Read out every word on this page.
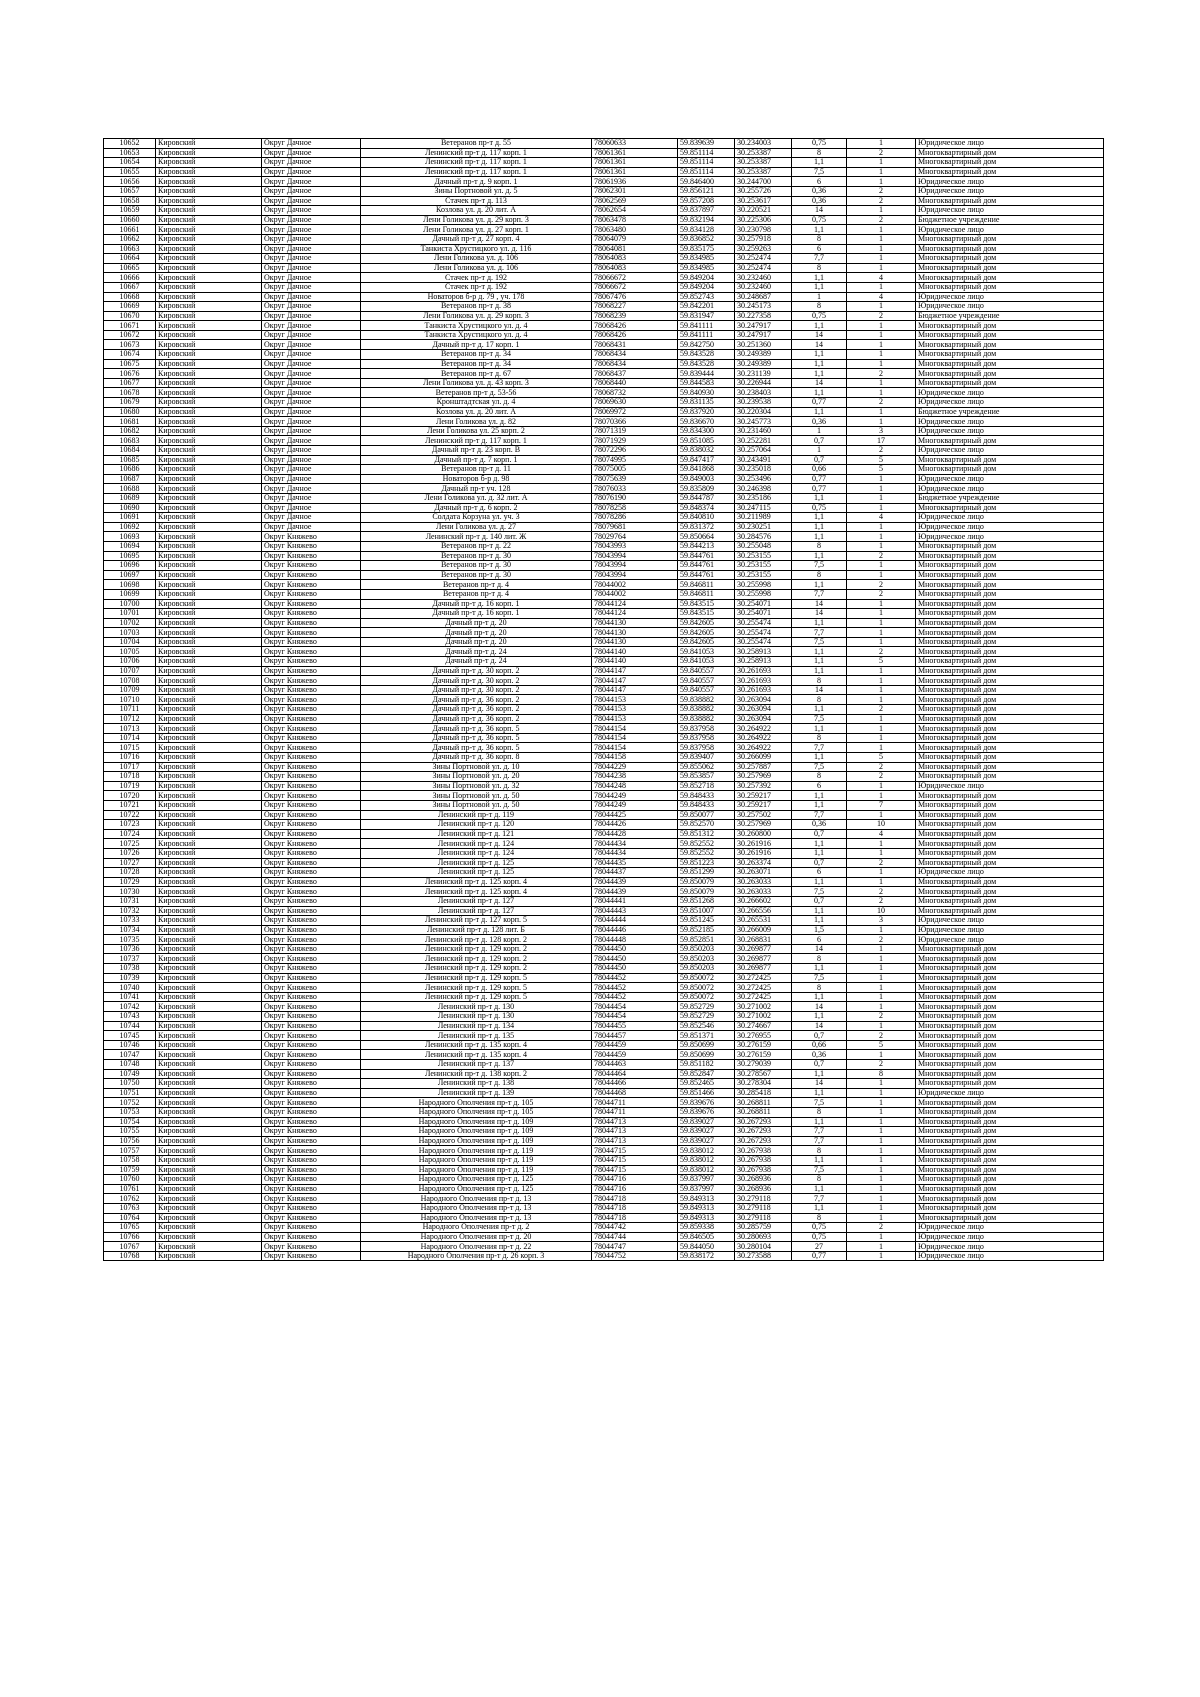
10652	Кировский	Округ Дачное	Ветеранов пр-т д. 55	78060633	59.839639	30.234003	0,75	1	Юридическое лицо
10653	Кировский	Округ Дачное	Ленинский пр-т д. 117 корп. 1	78061361	59.851114	30.253387	8	2	Многоквартирный дом
10654	Кировский	Округ Дачное	Ленинский пр-т д. 117 корп. 1	78061361	59.851114	30.253387	1,1	1	Многоквартирный дом
10655	Кировский	Округ Дачное	Ленинский пр-т д. 117 корп. 1	78061361	59.851114	30.253387	7,5	1	Многоквартирный дом
10656	Кировский	Округ Дачное	Дачный пр-т д. 9 корп. 1	78061936	59.846400	30.244700	6	1	Юридическое лицо
10657	Кировский	Округ Дачное	Зины Портновой ул. д. 5	78062301	59.856121	30.255726	0,36	2	Юридическое лицо
10658	Кировский	Округ Дачное	Стачек пр-т д. 113	78062569	59.857208	30.253617	0,36	2	Многоквартирный дом
10659	Кировский	Округ Дачное	Козлова ул. д. 20 лит. А	78062654	59.837897	30.220521	14	1	Юридическое лицо
10660	Кировский	Округ Дачное	Лени Голикова ул. д. 29 корп. 3	78063478	59.832194	30.225306	0,75	2	Бюджетное учреждение
10661	Кировский	Округ Дачное	Лени Голикова ул. д. 27 корп. 1	78063480	59.834128	30.230798	1,1	1	Юридическое лицо
10662	Кировский	Округ Дачное	Дачный пр-т д. 27 корп. 4	78064079	59.836852	30.257918	8	1	Многоквартирный дом
10663	Кировский	Округ Дачное	Танкиста Хрустицкого ул. д. 116	78064081	59.835175	30.259263	6	1	Многоквартирный дом
10664	Кировский	Округ Дачное	Лени Голикова ул. д. 106	78064083	59.834985	30.252474	7,7	1	Многоквартирный дом
10665	Кировский	Округ Дачное	Лени Голикова ул. д. 106	78064083	59.834985	30.252474	8	1	Многоквартирный дом
10666	Кировский	Округ Дачное	Стачек пр-т д. 192	78066672	59.849204	30.232460	1,1	4	Многоквартирный дом
10667	Кировский	Округ Дачное	Стачек пр-т д. 192	78066672	59.849204	30.232460	1,1	1	Многоквартирный дом
10668	Кировский	Округ Дачное	Новаторов б-р д. 79 , уч. 178	78067476	59.852743	30.248687	1	4	Юридическое лицо
10669	Кировский	Округ Дачное	Ветеранов пр-т д. 38	78068227	59.842201	30.245173	8	1	Юридическое лицо
10670	Кировский	Округ Дачное	Лени Голикова ул. д. 29 корп. 3	78068239	59.831947	30.227358	0,75	2	Бюджетное учреждение
10671	Кировский	Округ Дачное	Танкиста Хрустицкого ул. д. 4	78068426	59.841111	30.247917	1,1	1	Многоквартирный дом
10672	Кировский	Округ Дачное	Танкиста Хрустицкого ул. д. 4	78068426	59.841111	30.247917	14	1	Многоквартирный дом
10673	Кировский	Округ Дачное	Дачный пр-т д. 17 корп. 1	78068431	59.842750	30.251360	14	1	Многоквартирный дом
10674	Кировский	Округ Дачное	Ветеранов пр-т д. 34	78068434	59.843528	30.249389	1,1	1	Многоквартирный дом
10675	Кировский	Округ Дачное	Ветеранов пр-т д. 34	78068434	59.843528	30.249389	1,1	1	Многоквартирный дом
10676	Кировский	Округ Дачное	Ветеранов пр-т д. 67	78068437	59.839444	30.231139	1,1	2	Многоквартирный дом
10677	Кировский	Округ Дачное	Лени Голикова ул. д. 43 корп. 3	78068440	59.844583	30.226944	14	1	Многоквартирный дом
10678	Кировский	Округ Дачное	Ветеранов пр-т д. 53-56	78068732	59.840930	30.238403	1,1	1	Юридическое лицо
10679	Кировский	Округ Дачное	Кронштадтская ул. д. 4	78069630	59.831135	30.239538	0,77	2	Юридическое лицо
10680	Кировский	Округ Дачное	Козлова ул. д. 20 лит. А	78069972	59.837920	30.220304	1,1	1	Бюджетное учреждение
10681	Кировский	Округ Дачное	Лени Голикова ул. д. 82	78070366	59.836670	30.245773	0,36	1	Юридическое лицо
10682	Кировский	Округ Дачное	Лени Голикова ул. 25 корп. 2	78071319	59.834300	30.231460	1	3	Юридическое лицо
10683	Кировский	Округ Дачное	Ленинский пр-т д. 117 корп. 1	78071929	59.851085	30.252281	0,7	17	Многоквартирный дом
10684	Кировский	Округ Дачное	Дачный пр-т д. 23 корп. В	78072296	59.838032	30.257064	1	2	Юридическое лицо
10685	Кировский	Округ Дачное	Дачный пр-т д. 7 корп. 1	78074995	59.847417	30.243491	0,7	5	Многоквартирный дом
10686	Кировский	Округ Дачное	Ветеранов пр-т д. 11	78075005	59.841868	30.235018	0,66	5	Многоквартирный дом
10687	Кировский	Округ Дачное	Новаторов б-р д. 98	78075639	59.849003	30.253496	0,77	1	Юридическое лицо
10688	Кировский	Округ Дачное	Дачный пр-т уч. 128	78076033	59.835809	30.246398	0,77	1	Юридическое лицо
10689	Кировский	Округ Дачное	Лени Голикова ул. д. 32 лит. А	78076190	59.844787	30.235186	1,1	1	Бюджетное учреждение
10690	Кировский	Округ Дачное	Дачный пр-т д. 6 корп. 2	78078258	59.848374	30.247115	0,75	1	Многоквартирный дом
10691	Кировский	Округ Дачное	Солдата Корзуна ул. уч. 3	78078286	59.840810	30.211989	1,1	4	Юридическое лицо
10692	Кировский	Округ Дачное	Лени Голикова ул. д. 27	78079681	59.831372	30.230251	1,1	1	Юридическое лицо
10693	Кировский	Округ Княжево	Ленинский пр-т д. 140 лит. Ж	78029764	59.850664	30.284576	1,1	1	Юридическое лицо
10694	Кировский	Округ Княжево	Ветеранов пр-т д. 22	78043993	59.844213	30.255048	8	1	Многоквартирный дом
10695	Кировский	Округ Княжево	Ветеранов пр-т д. 30	78043994	59.844761	30.253155	1,1	2	Многоквартирный дом
10696	Кировский	Округ Княжево	Ветеранов пр-т д. 30	78043994	59.844761	30.253155	7,5	1	Многоквартирный дом
10697	Кировский	Округ Княжево	Ветеранов пр-т д. 30	78043994	59.844761	30.253155	8	1	Многоквартирный дом
10698	Кировский	Округ Княжево	Ветеранов пр-т д. 4	78044002	59.846811	30.255998	1,1	2	Многоквартирный дом
10699	Кировский	Округ Княжево	Ветеранов пр-т д. 4	78044002	59.846811	30.255998	7,7	2	Многоквартирный дом
10700	Кировский	Округ Княжево	Дачный пр-т д. 16 корп. 1	78044124	59.843515	30.254071	14	1	Многоквартирный дом
10701	Кировский	Округ Княжево	Дачный пр-т д. 16 корп. 1	78044124	59.843515	30.254071	14	1	Многоквартирный дом
10702	Кировский	Округ Княжево	Дачный пр-т д. 20	78044130	59.842605	30.255474	1,1	1	Многоквартирный дом
10703	Кировский	Округ Княжево	Дачный пр-т д. 20	78044130	59.842605	30.255474	7,7	1	Многоквартирный дом
10704	Кировский	Округ Княжево	Дачный пр-т д. 20	78044130	59.842605	30.255474	7,5	1	Многоквартирный дом
10705	Кировский	Округ Княжево	Дачный пр-т д. 24	78044140	59.841053	30.258913	1,1	2	Многоквартирный дом
10706	Кировский	Округ Княжево	Дачный пр-т д. 24	78044140	59.841053	30.258913	1,1	5	Многоквартирный дом
10707	Кировский	Округ Княжево	Дачный пр-т д. 30 корп. 2	78044147	59.840557	30.261693	1,1	1	Многоквартирный дом
10708	Кировский	Округ Княжево	Дачный пр-т д. 30 корп. 2	78044147	59.840557	30.261693	8	1	Многоквартирный дом
10709	Кировский	Округ Княжево	Дачный пр-т д. 30 корп. 2	78044147	59.840557	30.261693	14	1	Многоквартирный дом
10710	Кировский	Округ Княжево	Дачный пр-т д. 36 корп. 2	78044153	59.838882	30.263094	8	1	Многоквартирный дом
10711	Кировский	Округ Княжево	Дачный пр-т д. 36 корп. 2	78044153	59.838882	30.263094	1,1	2	Многоквартирный дом
10712	Кировский	Округ Княжево	Дачный пр-т д. 36 корп. 2	78044153	59.838882	30.263094	7,5	1	Многоквартирный дом
10713	Кировский	Округ Княжево	Дачный пр-т д. 36 корп. 5	78044154	59.837958	30.264922	1,1	1	Многоквартирный дом
10714	Кировский	Округ Княжево	Дачный пр-т д. 36 корп. 5	78044154	59.837958	30.264922	8	1	Многоквартирный дом
10715	Кировский	Округ Княжево	Дачный пр-т д. 36 корп. 5	78044154	59.837958	30.264922	7,7	1	Многоквартирный дом
10716	Кировский	Округ Княжево	Дачный пр-т д. 36 корп. 8	78044158	59.839407	30.266099	1,1	5	Многоквартирный дом
10717	Кировский	Округ Княжево	Зины Портновой ул. д. 10	78044229	59.855062	30.257887	7,5	2	Многоквартирный дом
10718	Кировский	Округ Княжево	Зины Портновой ул. д. 20	78044238	59.853857	30.257969	8	2	Многоквартирный дом
10719	Кировский	Округ Княжево	Зины Портновой ул. д. 32	78044248	59.852718	30.257392	6	1	Юридическое лицо
10720	Кировский	Округ Княжево	Зины Портновой ул. д. 50	78044249	59.848433	30.259217	1,1	1	Многоквартирный дом
10721	Кировский	Округ Княжево	Зины Портновой ул. д. 50	78044249	59.848433	30.259217	1,1	7	Многоквартирный дом
10722	Кировский	Округ Княжево	Ленинский пр-т д. 119	78044425	59.850077	30.257502	7,7	1	Многоквартирный дом
10723	Кировский	Округ Княжево	Ленинский пр-т д. 120	78044426	59.852570	30.257969	0,36	10	Многоквартирный дом
10724	Кировский	Округ Княжево	Ленинский пр-т д. 121	78044428	59.851312	30.260800	0,7	4	Многоквартирный дом
10725	Кировский	Округ Княжево	Ленинский пр-т д. 124	78044434	59.852552	30.261916	1,1	1	Многоквартирный дом
10726	Кировский	Округ Княжево	Ленинский пр-т д. 124	78044434	59.852552	30.261916	1,1	1	Многоквартирный дом
10727	Кировский	Округ Княжево	Ленинский пр-т д. 125	78044435	59.851223	30.263374	0,7	2	Многоквартирный дом
10728	Кировский	Округ Княжево	Ленинский пр-т д. 125	78044437	59.851299	30.263071	6	1	Юридическое лицо
10729	Кировский	Округ Княжево	Ленинский пр-т д. 125 корп. 4	78044439	59.850079	30.263033	1,1	1	Многоквартирный дом
10730	Кировский	Округ Княжево	Ленинский пр-т д. 125 корп. 4	78044439	59.850079	30.263033	7,5	2	Многоквартирный дом
10731	Кировский	Округ Княжево	Ленинский пр-т д. 127	78044441	59.851268	30.266602	0,7	2	Многоквартирный дом
10732	Кировский	Округ Княжево	Ленинский пр-т д. 127	78044443	59.851007	30.266556	1,1	10	Многоквартирный дом
10733	Кировский	Округ Княжево	Ленинский пр-т д. 127 корп. 5	78044444	59.851245	30.265531	1,1	3	Юридическое лицо
10734	Кировский	Округ Княжево	Ленинский пр-т д. 128 лит. Б	78044446	59.852185	30.266009	1,5	1	Юридическое лицо
10735	Кировский	Округ Княжево	Ленинский пр-т д. 128 корп. 2	78044448	59.852851	30.268831	6	2	Юридическое лицо
10736	Кировский	Округ Княжево	Ленинский пр-т д. 129 корп. 2	78044450	59.850203	30.269877	14	1	Многоквартирный дом
10737	Кировский	Округ Княжево	Ленинский пр-т д. 129 корп. 2	78044450	59.850203	30.269877	8	1	Многоквартирный дом
10738	Кировский	Округ Княжево	Ленинский пр-т д. 129 корп. 2	78044450	59.850203	30.269877	1,1	1	Многоквартирный дом
10739	Кировский	Округ Княжево	Ленинский пр-т д. 129 корп. 5	78044452	59.850072	30.272425	7,5	1	Многоквартирный дом
10740	Кировский	Округ Княжево	Ленинский пр-т д. 129 корп. 5	78044452	59.850072	30.272425	8	1	Многоквартирный дом
10741	Кировский	Округ Княжево	Ленинский пр-т д. 129 корп. 5	78044452	59.850072	30.272425	1,1	1	Многоквартирный дом
10742	Кировский	Округ Княжево	Ленинский пр-т д. 130	78044454	59.852729	30.271002	14	1	Многоквартирный дом
10743	Кировский	Округ Княжево	Ленинский пр-т д. 130	78044454	59.852729	30.271002	1,1	2	Многоквартирный дом
10744	Кировский	Округ Княжево	Ленинский пр-т д. 134	78044455	59.852546	30.274667	14	1	Многоквартирный дом
10745	Кировский	Округ Княжево	Ленинский пр-т д. 135	78044457	59.851371	30.276955	0,7	2	Многоквартирный дом
10746	Кировский	Округ Княжево	Ленинский пр-т д. 135 корп. 4	78044459	59.850699	30.276159	0,66	5	Многоквартирный дом
10747	Кировский	Округ Княжево	Ленинский пр-т д. 135 корп. 4	78044459	59.850699	30.276159	0,36	1	Многоквартирный дом
10748	Кировский	Округ Княжево	Ленинский пр-т д. 137	78044463	59.851182	30.279039	0,7	2	Многоквартирный дом
10749	Кировский	Округ Княжево	Ленинский пр-т д. 138 корп. 2	78044464	59.852847	30.278567	1,1	8	Многоквартирный дом
10750	Кировский	Округ Княжево	Ленинский пр-т д. 138	78044466	59.852465	30.278304	14	1	Многоквартирный дом
10751	Кировский	Округ Княжево	Ленинский пр-т д. 139	78044468	59.851466	30.285418	1,1	1	Юридическое лицо
10752	Кировский	Округ Княжево	Народного Ополчения пр-т д. 105	78044711	59.839676	30.268811	7,5	1	Многоквартирный дом
10753	Кировский	Округ Княжево	Народного Ополчения пр-т д. 105	78044711	59.839676	30.268811	8	1	Многоквартирный дом
10754	Кировский	Округ Княжево	Народного Ополчения пр-т д. 109	78044713	59.839027	30.267293	1,1	1	Многоквартирный дом
10755	Кировский	Округ Княжево	Народного Ополчения пр-т д. 109	78044713	59.839027	30.267293	7,7	1	Многоквартирный дом
10756	Кировский	Округ Княжево	Народного Ополчения пр-т д. 109	78044713	59.839027	30.267293	7,7	1	Многоквартирный дом
10757	Кировский	Округ Княжево	Народного Ополчения пр-т д. 119	78044715	59.838012	30.267938	8	1	Многоквартирный дом
10758	Кировский	Округ Княжево	Народного Ополчения пр-т д. 119	78044715	59.838012	30.267938	1,1	1	Многоквартирный дом
10759	Кировский	Округ Княжево	Народного Ополчения пр-т д. 119	78044715	59.838012	30.267938	7,5	1	Многоквартирный дом
10760	Кировский	Округ Княжево	Народного Ополчения пр-т д. 125	78044716	59.837997	30.268936	8	1	Многоквартирный дом
10761	Кировский	Округ Княжево	Народного Ополчения пр-т д. 125	78044716	59.837997	30.268936	1,1	1	Многоквартирный дом
10762	Кировский	Округ Княжево	Народного Ополчения пр-т д. 13	78044718	59.849313	30.279118	7,7	1	Многоквартирный дом
10763	Кировский	Округ Княжево	Народного Ополчения пр-т д. 13	78044718	59.849313	30.279118	1,1	1	Многоквартирный дом
10764	Кировский	Округ Княжево	Народного Ополчения пр-т д. 13	78044718	59.849313	30.279118	8	1	Многоквартирный дом
10765	Кировский	Округ Княжево	Народного Ополчения пр-т д. 2	78044742	59.859338	30.285759	0,75	2	Юридическое лицо
10766	Кировский	Округ Княжево	Народного Ополчения пр-т д. 20	78044744	59.846505	30.280693	0,75	1	Юридическое лицо
10767	Кировский	Округ Княжево	Народного Ополчения пр-т д. 22	78044747	59.844050	30.280104	27	1	Юридическое лицо
10768	Кировский	Округ Княжево	Народного Ополчения пр-т д. 26 корп. 3	78044752	59.838172	30.273588	0,77	1	Юридическое лицо
